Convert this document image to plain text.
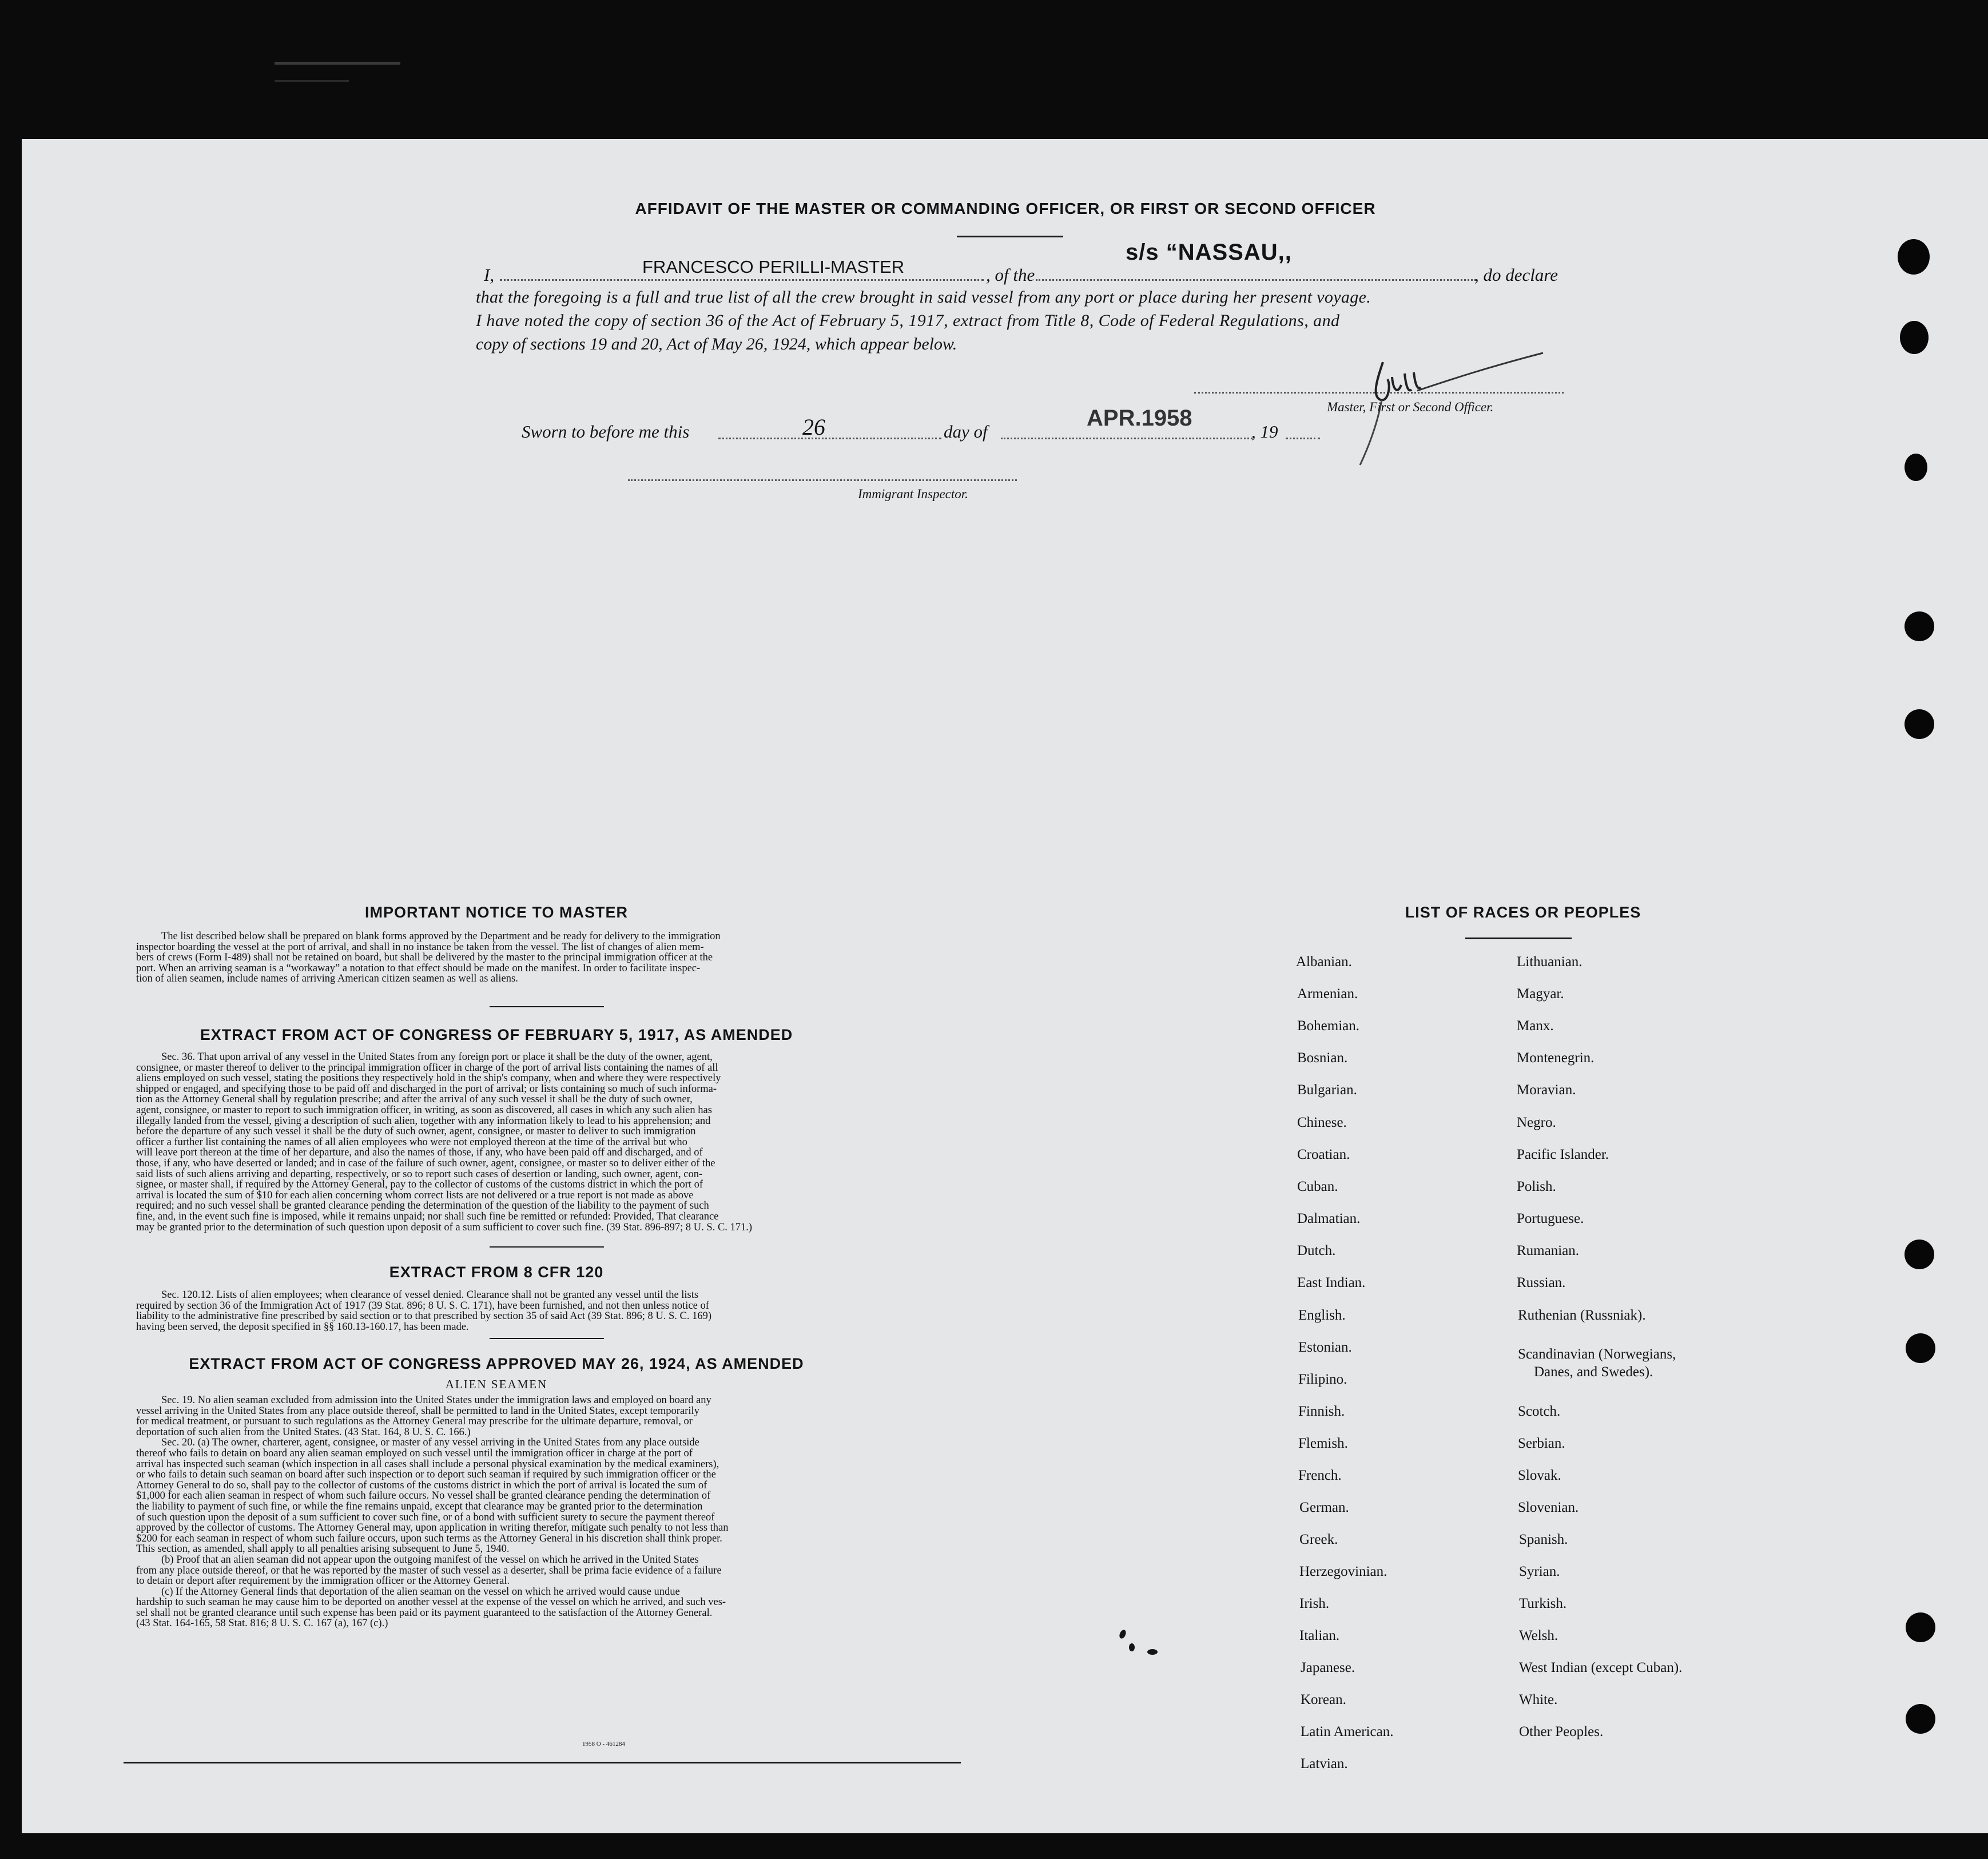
AFFIDAVIT OF THE MASTER OR COMMANDING OFFICER, OR FIRST OR SECOND OFFICER
I,	FRANCESCO PERILLI-MASTER	, of the
s/s “NASSAU,,
, do declare
that the foregoing is a full and true list of all the crew brought in said vessel from any port or place during her present voyage.
I have noted the copy of section 36 of the Act of February 5, 1917, extract from Title 8, Code of Federal Regulations, and
copy of sections 19 and 20, Act of May 26, 1924, which appear below.
Master, First or Second Officer.
Sworn to before me this	26	day of
APR.1958
, 19
Immigrant Inspector.
IMPORTANT NOTICE TO MASTER
The list described below shall be prepared on blank forms approved by the Department and be ready for delivery to the immigration
inspector boarding the vessel at the port of arrival, and shall in no instance be taken from the vessel. The list of changes of alien mem-
bers of crews (Form I-489) shall not be retained on board, but shall be delivered by the master to the principal immigration officer at the
port. When an arriving seaman is a “workaway” a notation to that effect should be made on the manifest. In order to facilitate inspec-
tion of alien seamen, include names of arriving American citizen seamen as well as aliens.
EXTRACT FROM ACT OF CONGRESS OF FEBRUARY 5, 1917, AS AMENDED
Sec. 36. That upon arrival of any vessel in the United States from any foreign port or place it shall be the duty of the owner, agent,
consignee, or master thereof to deliver to the principal immigration officer in charge of the port of arrival lists containing the names of all
aliens employed on such vessel, stating the positions they respectively hold in the ship's company, when and where they were respectively
shipped or engaged, and specifying those to be paid off and discharged in the port of arrival; or lists containing so much of such informa-
tion as the Attorney General shall by regulation prescribe; and after the arrival of any such vessel it shall be the duty of such owner,
agent, consignee, or master to report to such immigration officer, in writing, as soon as discovered, all cases in which any such alien has
illegally landed from the vessel, giving a description of such alien, together with any information likely to lead to his apprehension; and
before the departure of any such vessel it shall be the duty of such owner, agent, consignee, or master to deliver to such immigration
officer a further list containing the names of all alien employees who were not employed thereon at the time of the arrival but who
will leave port thereon at the time of her departure, and also the names of those, if any, who have been paid off and discharged, and of
those, if any, who have deserted or landed; and in case of the failure of such owner, agent, consignee, or master so to deliver either of the
said lists of such aliens arriving and departing, respectively, or so to report such cases of desertion or landing, such owner, agent, con-
signee, or master shall, if required by the Attorney General, pay to the collector of customs of the customs district in which the port of
arrival is located the sum of $10 for each alien concerning whom correct lists are not delivered or a true report is not made as above
required; and no such vessel shall be granted clearance pending the determination of the question of the liability to the payment of such
fine, and, in the event such fine is imposed, while it remains unpaid; nor shall such fine be remitted or refunded: Provided, That clearance
may be granted prior to the determination of such question upon deposit of a sum sufficient to cover such fine. (39 Stat. 896-897; 8 U. S. C. 171.)
EXTRACT FROM 8 CFR 120
Sec. 120.12. Lists of alien employees; when clearance of vessel denied. Clearance shall not be granted any vessel until the lists
required by section 36 of the Immigration Act of 1917 (39 Stat. 896; 8 U. S. C. 171), have been furnished, and not then unless notice of
liability to the administrative fine prescribed by said section or to that prescribed by section 35 of said Act (39 Stat. 896; 8 U. S. C. 169)
having been served, the deposit specified in §§ 160.13-160.17, has been made.
EXTRACT FROM ACT OF CONGRESS APPROVED MAY 26, 1924, AS AMENDED
ALIEN SEAMEN
Sec. 19. No alien seaman excluded from admission into the United States under the immigration laws and employed on board any
vessel arriving in the United States from any place outside thereof, shall be permitted to land in the United States, except temporarily
for medical treatment, or pursuant to such regulations as the Attorney General may prescribe for the ultimate departure, removal, or
deportation of such alien from the United States. (43 Stat. 164, 8 U. S. C. 166.)
Sec. 20. (a) The owner, charterer, agent, consignee, or master of any vessel arriving in the United States from any place outside
thereof who fails to detain on board any alien seaman employed on such vessel until the immigration officer in charge at the port of
arrival has inspected such seaman (which inspection in all cases shall include a personal physical examination by the medical examiners),
or who fails to detain such seaman on board after such inspection or to deport such seaman if required by such immigration officer or the
Attorney General to do so, shall pay to the collector of customs of the customs district in which the port of arrival is located the sum of
$1,000 for each alien seaman in respect of whom such failure occurs. No vessel shall be granted clearance pending the determination of
the liability to payment of such fine, or while the fine remains unpaid, except that clearance may be granted prior to the determination
of such question upon the deposit of a sum sufficient to cover such fine, or of a bond with sufficient surety to secure the payment thereof
approved by the collector of customs. The Attorney General may, upon application in writing therefor, mitigate such penalty to not less than
$200 for each seaman in respect of whom such failure occurs, upon such terms as the Attorney General in his discretion shall think proper.
This section, as amended, shall apply to all penalties arising subsequent to June 5, 1940.
(b) Proof that an alien seaman did not appear upon the outgoing manifest of the vessel on which he arrived in the United States
from any place outside thereof, or that he was reported by the master of such vessel as a deserter, shall be prima facie evidence of a failure
to detain or deport after requirement by the immigration officer or the Attorney General.
(c) If the Attorney General finds that deportation of the alien seaman on the vessel on which he arrived would cause undue
hardship to such seaman he may cause him to be deported on another vessel at the expense of the vessel on which he arrived, and such ves-
sel shall not be granted clearance until such expense has been paid or its payment guaranteed to the satisfaction of the Attorney General.
(43 Stat. 164-165, 58 Stat. 816; 8 U. S. C. 167 (a), 167 (c).)
1958 O - 461284
LIST OF RACES OR PEOPLES
Albanian.
Armenian.
Bohemian.
Bosnian.
Bulgarian.
Chinese.
Croatian.
Cuban.
Dalmatian.
Dutch.
East Indian.
English.
Estonian.
Filipino.
Finnish.
Flemish.
French.
German.
Greek.
Herzegovinian.
Irish.
Italian.
Japanese.
Korean.
Latin American.
Latvian.
Lithuanian.
Magyar.
Manx.
Montenegrin.
Moravian.
Negro.
Pacific Islander.
Polish.
Portuguese.
Rumanian.
Russian.
Ruthenian (Russniak).
Scandinavian (Norwegians,
Danes, and Swedes).
Scotch.
Serbian.
Slovak.
Slovenian.
Spanish.
Syrian.
Turkish.
Welsh.
West Indian (except Cuban).
White.
Other Peoples.
